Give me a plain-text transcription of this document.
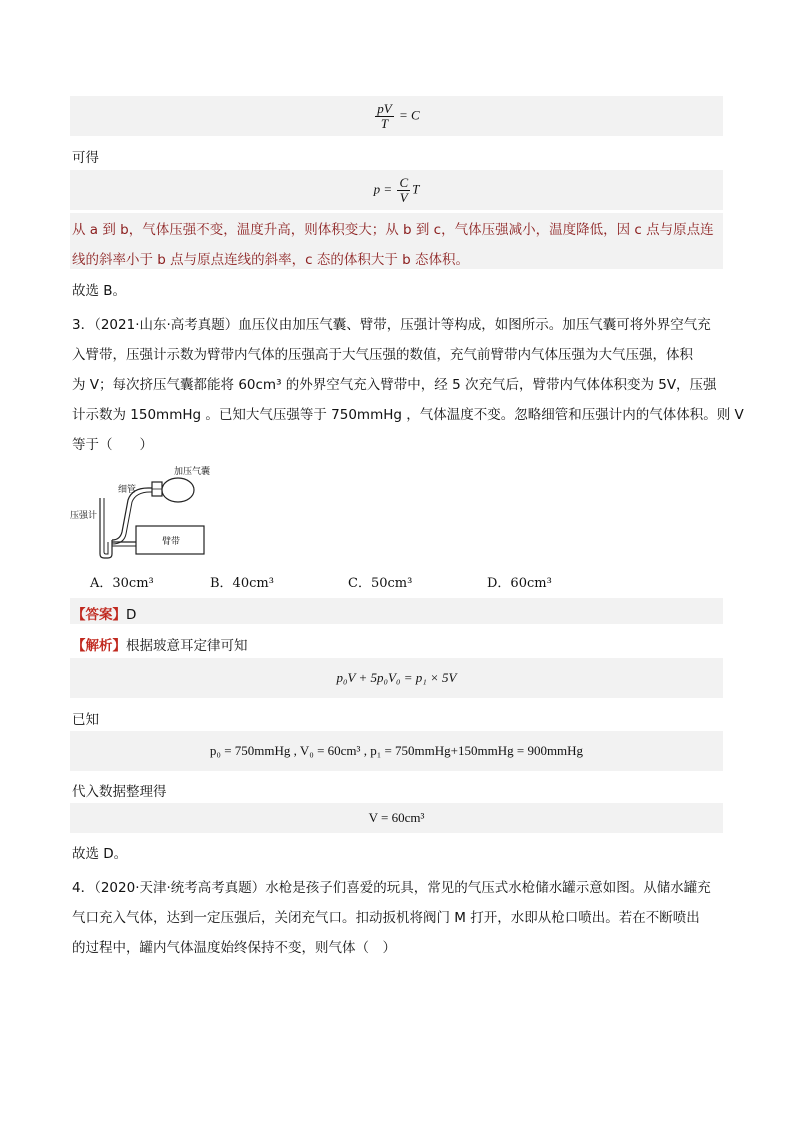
$\frac{pV}{T} = C$
可得
$p = \frac{C}{V}$ T
从 a 到 b，气体压强不变，温度升高，则体积变大；从 b 到 c，气体压强减小，温度降低，因 c 点与原点连
线的斜率小于 b 点与原点连线的斜率，c 态的体积大于 b 态体积。
故选 B。
3．（2021·山东·高考真题）血压仪由加压气囊、臂带，压强计等构成，如图所示。加压气囊可将外界空气充
入臂带，压强计示数为臂带内气体的压强高于大气压强的数值，充气前臂带内气体压强为大气压强，体积
为 V；每次挤压气囊都能将 60cm³ 的外界空气充入臂带中，经 5 次充气后，臂带内气体体积变为 5V，压强
计示数为 150mmHg 。已知大气压强等于 750mmHg ，气体温度不变。忽略细管和压强计内的气体体积。则 V
等于（　　）
加压气囊
细管
压强计
臂带
A．30cm³	B．40cm³	C．50cm³	D．60cm³
【答案】D
【解析】根据玻意耳定律可知
p₀V + 5p₀V₀ = p₁ × 5V
已知
p₀ = 750mmHg , V₀ = 60cm³ , p₁ = 750mmHg+150mmHg = 900mmHg
代入数据整理得
V = 60cm³
故选 D。
4．（2020·天津·统考高考真题）水枪是孩子们喜爱的玩具，常见的气压式水枪储水罐示意如图。从储水罐充
气口充入气体，达到一定压强后，关闭充气口。扣动扳机将阀门 M 打开，水即从枪口喷出。若在不断喷出
的过程中，罐内气体温度始终保持不变，则气体（　）
